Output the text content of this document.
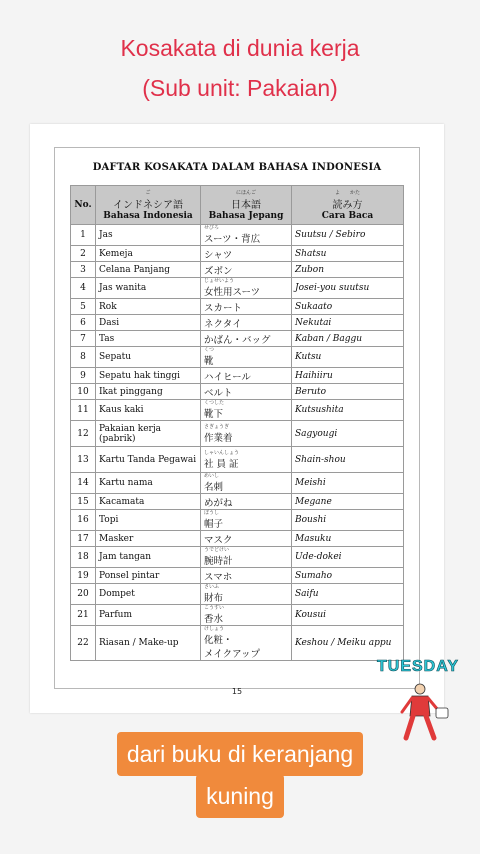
Kosakata di dunia kerja
(Sub unit: Pakaian)
DAFTAR KOSAKATA DALAM BAHASA INDONESIA
No.	ご
インドネシア語
Bahasa Indonesia	にほんご
日本語
Bahasa Jepang	よ　　かた
読み方
Cara Baca

1	Jas	せびろ
スーツ・背広	Suutsu / Sebiro
2	Kemeja	シャツ	Shatsu
3	Celana Panjang	ズボン	Zubon
4	Jas wanita	じょせいよう
女性用スーツ	Josei-you suutsu
5	Rok	スカート	Sukaato
6	Dasi	ネクタイ	Nekutai
7	Tas	かばん・バッグ	Kaban / Baggu
8	Sepatu	くつ
靴	Kutsu
9	Sepatu hak tinggi	ハイヒール	Haihiiru
10	Ikat pinggang	ベルト	Beruto
11	Kaus kaki	くつした
靴下	Kutsushita
12	Pakaian kerja (pabrik)	さぎょうぎ
作業着	Sagyougi
13	Kartu Tanda Pegawai	しゃいんしょう
社 員 証	Shain-shou
14	Kartu nama	めいし
名刺	Meishi
15	Kacamata	めがね	Megane
16	Topi	ぼうし
帽子	Boushi
17	Masker	マスク	Masuku
18	Jam tangan	うでどけい
腕時計	Ude-dokei
19	Ponsel pintar	スマホ	Sumaho
20	Dompet	さいふ
財布	Saifu
21	Parfum	こうすい
香水	Kousui
22	Riasan / Make-up	けしょう
化粧・
メイクアップ	Keshou / Meiku appu
15
TUESDAY
dari buku di keranjang
kuning
